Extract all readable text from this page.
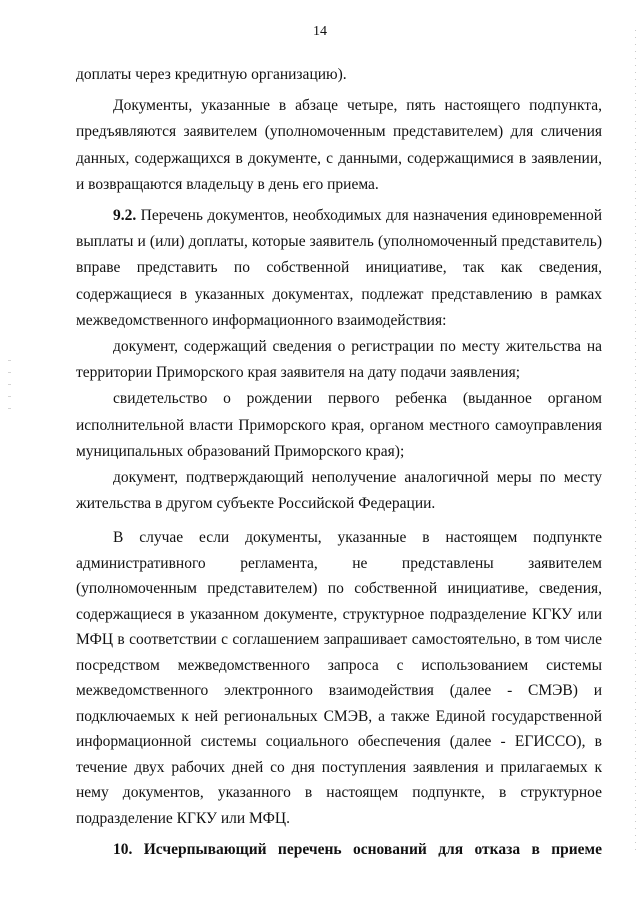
14

доплаты через кредитную организацию).

Документы, указанные в абзаце четыре, пять настоящего подпункта, предъявляются заявителем (уполномоченным представителем) для сличения данных, содержащихся в документе, с данными, содержащимися в заявлении, и возвращаются владельцу в день его приема.

9.2. Перечень документов, необходимых для назначения единовременной выплаты и (или) доплаты, которые заявитель (уполномоченный представитель) вправе представить по собственной инициативе, так как сведения, содержащиеся в указанных документах, подлежат представлению в рамках межведомственного информационного взаимодействия:

документ, содержащий сведения о регистрации по месту жительства на территории Приморского края заявителя на дату подачи заявления;

свидетельство о рождении первого ребенка (выданное органом исполнительной власти Приморского края, органом местного самоуправления муниципальных образований Приморского края);

документ, подтверждающий неполучение аналогичной меры по месту жительства в другом субъекте Российской Федерации.

В случае если документы, указанные в настоящем подпункте административного регламента, не представлены заявителем (уполномоченным представителем) по собственной инициативе, сведения, содержащиеся в указанном документе, структурное подразделение КГКУ или МФЦ в соответствии с соглашением запрашивает самостоятельно, в том числе посредством межведомственного запроса с использованием системы межведомственного электронного взаимодействия (далее - СМЭВ) и подключаемых к ней региональных СМЭВ, а также Единой государственной информационной системы социального обеспечения (далее - ЕГИССО), в течение двух рабочих дней со дня поступления заявления и прилагаемых к нему документов, указанного в настоящем подпункте, в структурное подразделение КГКУ или МФЦ.

10. Исчерпывающий перечень оснований для отказа в приеме
